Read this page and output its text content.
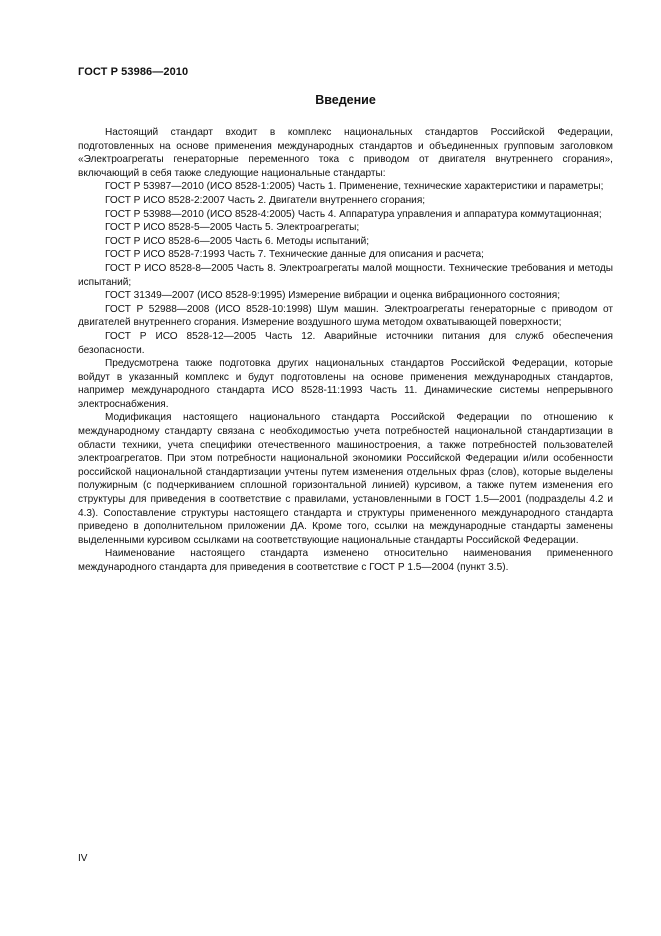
ГОСТ Р 53986—2010
Введение

Настоящий стандарт входит в комплекс национальных стандартов Российской Федерации, подготовленных на основе применения международных стандартов и объединенных групповым заголовком «Электроагрегаты генераторные переменного тока с приводом от двигателя внутреннего сгорания», включающий в себя также следующие национальные стандарты:

ГОСТ Р 53987—2010 (ИСО 8528-1:2005) Часть 1. Применение, технические характеристики и параметры;

ГОСТ Р ИСО 8528-2:2007 Часть 2. Двигатели внутреннего сгорания;

ГОСТ Р 53988—2010 (ИСО 8528-4:2005) Часть 4. Аппаратура управления и аппаратура коммутационная;

ГОСТ Р ИСО 8528-5—2005 Часть 5. Электроагрегаты;

ГОСТ Р ИСО 8528-6—2005 Часть 6. Методы испытаний;

ГОСТ Р ИСО 8528-7:1993 Часть 7. Технические данные для описания и расчета;

ГОСТ Р ИСО 8528-8—2005 Часть 8. Электроагрегаты малой мощности. Технические требования и методы испытаний;

ГОСТ 31349—2007 (ИСО 8528-9:1995) Измерение вибрации и оценка вибрационного состояния;

ГОСТ Р 52988—2008 (ИСО 8528-10:1998) Шум машин. Электроагрегаты генераторные с приводом от двигателей внутреннего сгорания. Измерение воздушного шума методом охватывающей поверхности;

ГОСТ Р ИСО 8528-12—2005 Часть 12. Аварийные источники питания для служб обеспечения безопасности.

Предусмотрена также подготовка других национальных стандартов Российской Федерации, которые войдут в указанный комплекс и будут подготовлены на основе применения международных стандартов, например международного стандарта ИСО 8528-11:1993 Часть 11. Динамические системы непрерывного электроснабжения.

Модификация настоящего национального стандарта Российской Федерации по отношению к международному стандарту связана с необходимостью учета потребностей национальной стандартизации в области техники, учета специфики отечественного машиностроения, а также потребностей пользователей электроагрегатов. При этом потребности национальной экономики Российской Федерации и/или особенности российской национальной стандартизации учтены путем изменения отдельных фраз (слов), которые выделены полужирным (с подчеркиванием сплошной горизонтальной линией) курсивом, а также путем изменения его структуры для приведения в соответствие с правилами, установленными в ГОСТ 1.5—2001 (подразделы 4.2 и 4.3). Сопоставление структуры настоящего стандарта и структуры примененного международного стандарта приведено в дополнительном приложении ДА. Кроме того, ссылки на международные стандарты заменены выделенными курсивом ссылками на соответствующие национальные стандарты Российской Федерации.

Наименование настоящего стандарта изменено относительно наименования примененного международного стандарта для приведения в соответствие с ГОСТ Р 1.5—2004 (пункт 3.5).

IV
